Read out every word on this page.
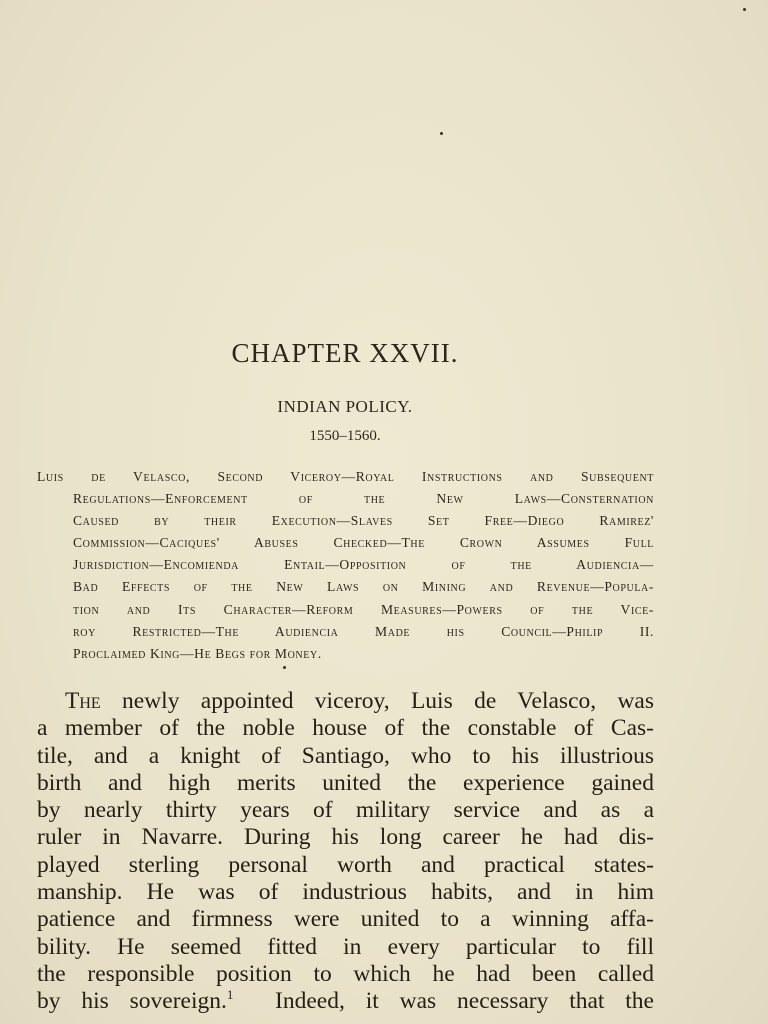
CHAPTER XXVII.
INDIAN POLICY.
1550–1560.
Luis de Velasco, Second Viceroy—Royal Instructions and Subsequent
Regulations—Enforcement of the New Laws—Consternation
Caused by their Execution—Slaves Set Free—Diego Ramirez'
Commission—Caciques' Abuses Checked—The Crown Assumes Full
Jurisdiction—Encomienda Entail—Opposition of the Audiencia—
Bad Effects of the New Laws on Mining and Revenue—Popula-
tion and Its Character—Reform Measures—Powers of the Vice-
roy Restricted—The Audiencia Made his Council—Philip II.
Proclaimed King—He Begs for Money.
The newly appointed viceroy, Luis de Velasco, was
a member of the noble house of the constable of Cas-
tile, and a knight of Santiago, who to his illustrious
birth and high merits united the experience gained
by nearly thirty years of military service and as a
ruler in Navarre. During his long career he had dis-
played sterling personal worth and practical states-
manship. He was of industrious habits, and in him
patience and firmness were united to a winning affa-
bility. He seemed fitted in every particular to fill
the responsible position to which he had been called
by his sovereign.$^1$  Indeed, it was necessary that the
